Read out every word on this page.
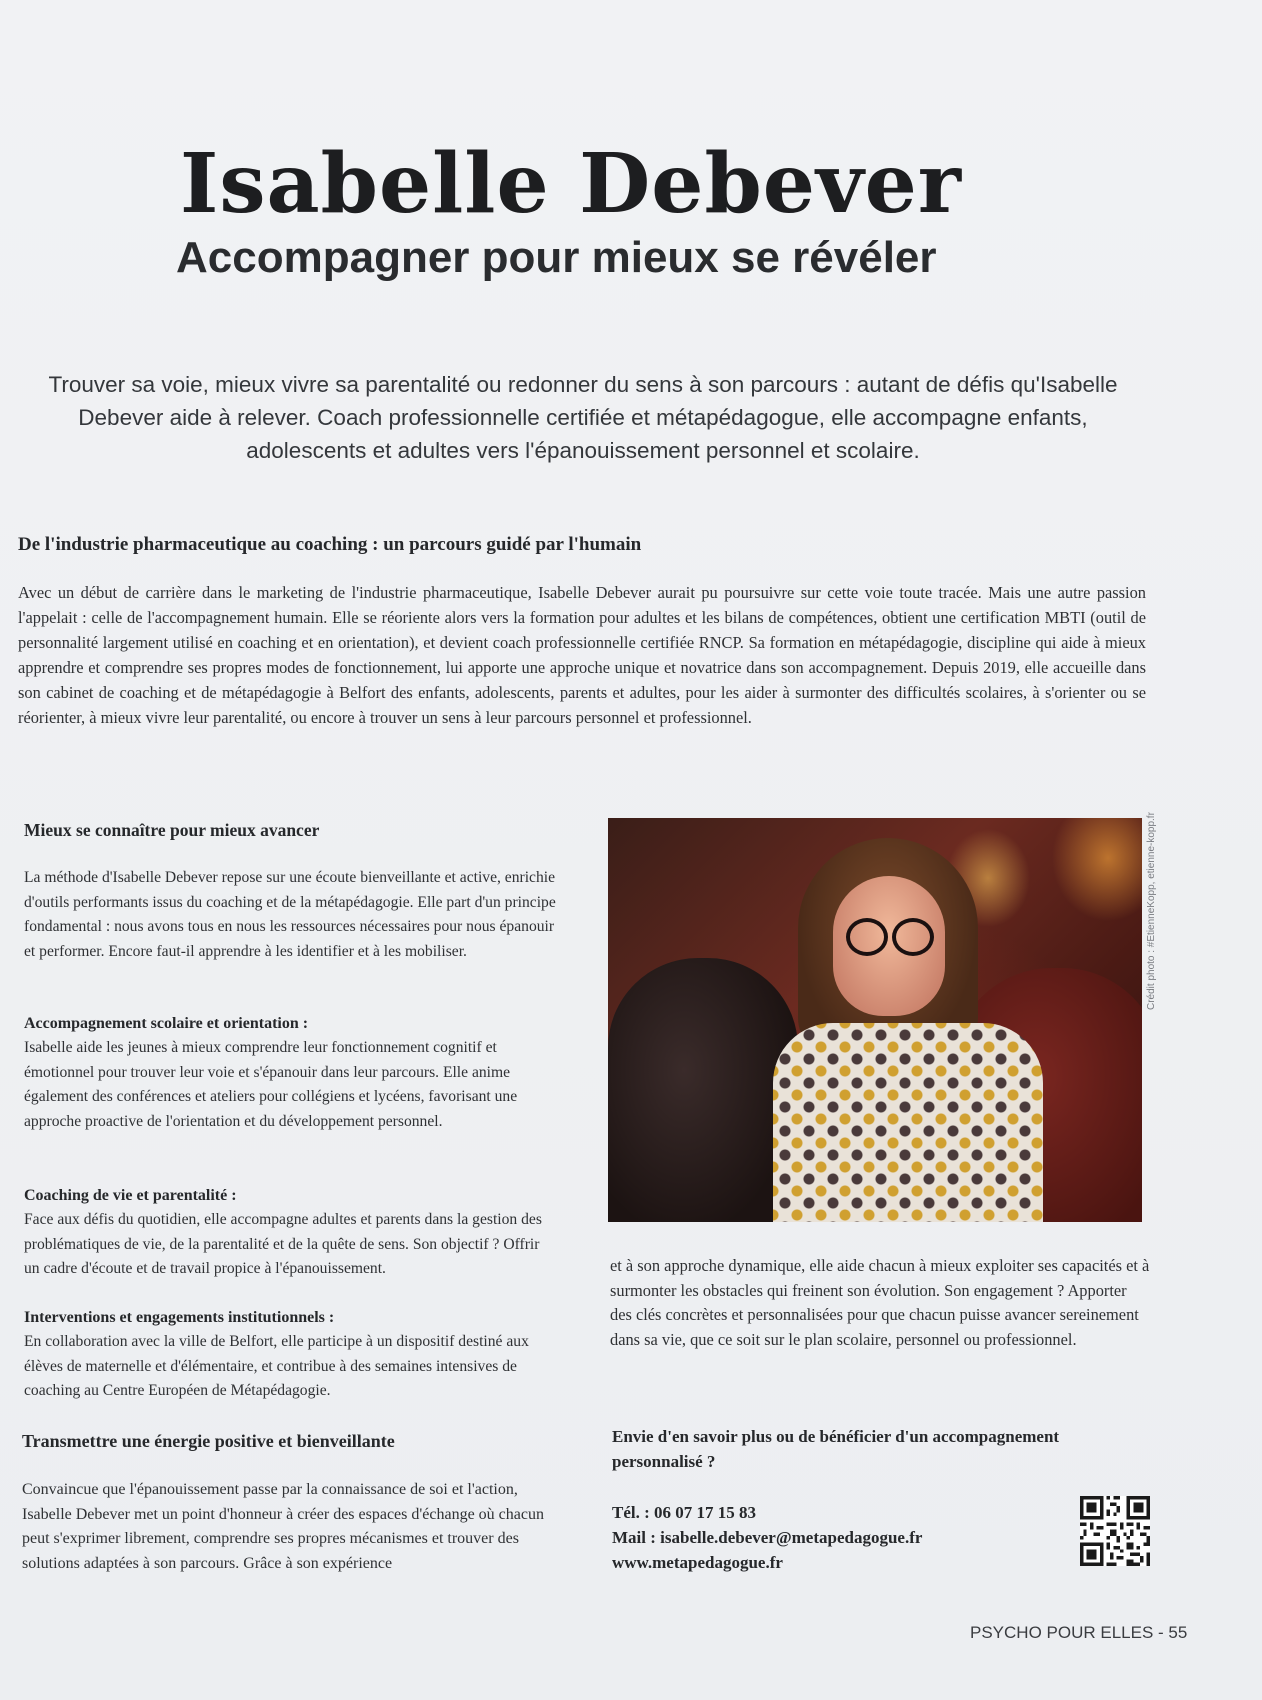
Isabelle Debever
Accompagner pour mieux se révéler

Trouver sa voie, mieux vivre sa parentalité ou redonner du sens à son parcours : autant de défis qu'Isabelle Debever aide à relever. Coach professionnelle certifiée et métapédagogue, elle accompagne enfants, adolescents et adultes vers l'épanouissement personnel et scolaire.

De l'industrie pharmaceutique au coaching : un parcours guidé par l'humain

Avec un début de carrière dans le marketing de l'industrie pharmaceutique, Isabelle Debever aurait pu poursuivre sur cette voie toute tracée. Mais une autre passion l'appelait : celle de l'accompagnement humain. Elle se réoriente alors vers la formation pour adultes et les bilans de compétences, obtient une certification MBTI (outil de personnalité largement utilisé en coaching et en orientation), et devient coach professionnelle certifiée RNCP. Sa formation en métapédagogie, discipline qui aide à mieux apprendre et comprendre ses propres modes de fonctionnement, lui apporte une approche unique et novatrice dans son accompagnement. Depuis 2019, elle accueille dans son cabinet de coaching et de métapédagogie à Belfort des enfants, adolescents, parents et adultes, pour les aider à surmonter des difficultés scolaires, à s'orienter ou se réorienter, à mieux vivre leur parentalité, ou encore à trouver un sens à leur parcours personnel et professionnel.

Mieux se connaître pour mieux avancer

La méthode d'Isabelle Debever repose sur une écoute bienveillante et active, enrichie d'outils performants issus du coaching et de la métapédagogie. Elle part d'un principe fondamental : nous avons tous en nous les ressources nécessaires pour nous épanouir et performer. Encore faut-il apprendre à les identifier et à les mobiliser.

Accompagnement scolaire et orientation :

Isabelle aide les jeunes à mieux comprendre leur fonctionnement cognitif et émotionnel pour trouver leur voie et s'épanouir dans leur parcours. Elle anime également des conférences et ateliers pour collégiens et lycéens, favorisant une approche proactive de l'orientation et du développement personnel.

Coaching de vie et parentalité :

Face aux défis du quotidien, elle accompagne adultes et parents dans la gestion des problématiques de vie, de la parentalité et de la quête de sens. Son objectif ? Offrir un cadre d'écoute et de travail propice à l'épanouissement.

Interventions et engagements institutionnels :

En collaboration avec la ville de Belfort, elle participe à un dispositif destiné aux élèves de maternelle et d'élémentaire, et contribue à des semaines intensives de coaching au Centre Européen de Métapédagogie.

Transmettre une énergie positive et bienveillante

Convaincue que l'épanouissement passe par la connaissance de soi et l'action, Isabelle Debever met un point d'honneur à créer des espaces d'échange où chacun peut s'exprimer librement, comprendre ses propres mécanismes et trouver des solutions adaptées à son parcours. Grâce à son expérience

Crédit photo : #EtienneKopp, etienne-kopp.fr

et à son approche dynamique, elle aide chacun à mieux exploiter ses capacités et à surmonter les obstacles qui freinent son évolution. Son engagement ? Apporter des clés concrètes et personnalisées pour que chacun puisse avancer sereinement dans sa vie, que ce soit sur le plan scolaire, personnel ou professionnel.

Envie d'en savoir plus ou de bénéficier d'un accompagnement personnalisé ?

Tél. : 06 07 17 15 83

Mail : isabelle.debever@metapedagogue.fr

www.metapedagogue.fr

PSYCHO POUR ELLES - 55
